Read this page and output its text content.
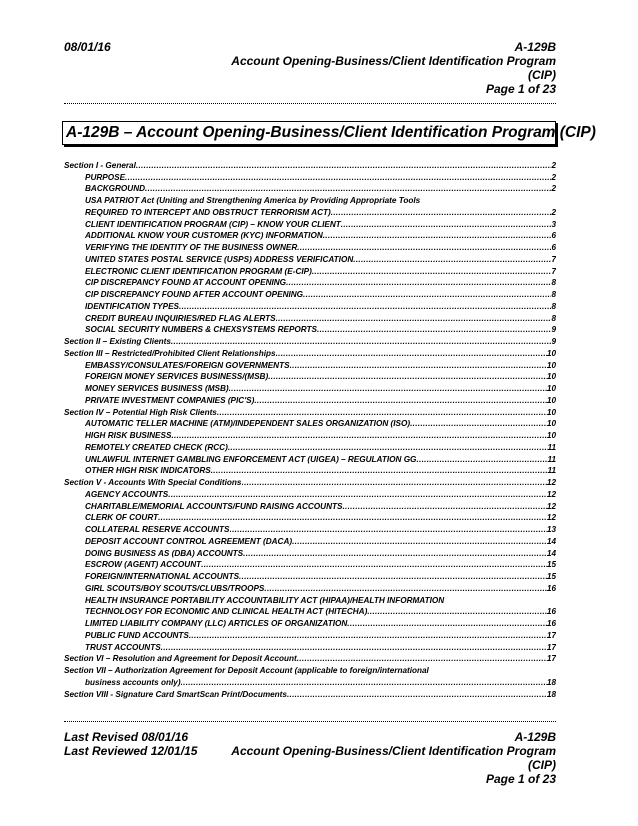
08/01/16	A-129B
Account Opening-Business/Client Identification Program
(CIP)
Page 1 of 23
A-129B – Account Opening-Business/Client Identification Program (CIP)
Section I - General .....	2
PURPOSE .....	2
BACKGROUND .....	2
USA PATRIOT Act (Uniting and Strengthening America by Providing Appropriate Tools
REQUIRED TO INTERCEPT AND OBSTRUCT TERRORISM ACT) .....	2
CLIENT IDENTIFICATION PROGRAM (CIP) – KNOW YOUR CLIENT .....	3
ADDITIONAL KNOW YOUR CUSTOMER (KYC) INFORMATION .....	6
VERIFYING THE IDENTITY OF THE BUSINESS OWNER .....	6
UNITED STATES POSTAL SERVICE (USPS) ADDRESS VERIFICATION .....	7
ELECTRONIC CLIENT IDENTIFICATION PROGRAM (E-CIP) .....	7
CIP DISCREPANCY FOUND AT ACCOUNT OPENING .....	8
CIP DISCREPANCY FOUND AFTER ACCOUNT OPENING .....	8
IDENTIFICATION TYPES .....	8
CREDIT BUREAU INQUIRIES/RED FLAG ALERTS .....	8
SOCIAL SECURITY NUMBERS & CHEXSYSTEMS REPORTS .....	9
Section II – Existing Clients .....	9
Section III – Restricted/Prohibited Client Relationships .....	10
EMBASSY/CONSULATES/FOREIGN GOVERNMENTS .....	10
FOREIGN MONEY SERVICES BUSINESS/(MSB) .....	10
MONEY SERVICES BUSINESS (MSB) .....	10
PRIVATE INVESTMENT COMPANIES (PIC'S) .....	10
Section IV – Potential High Risk Clients .....	10
AUTOMATIC TELLER MACHINE (ATM)/INDEPENDENT SALES ORGANIZATION (ISO) .....	10
HIGH RISK BUSINESS .....	10
REMOTELY CREATED CHECK (RCC) .....	11
UNLAWFUL INTERNET GAMBLING ENFORCEMENT ACT (UIGEA) – REGULATION GG .....	11
OTHER HIGH RISK INDICATORS .....	11
Section V - Accounts With Special Conditions .....	12
AGENCY ACCOUNTS .....	12
CHARITABLE/MEMORIAL ACCOUNTS/FUND RAISING ACCOUNTS .....	12
CLERK OF COURT .....	12
COLLATERAL RESERVE ACCOUNTS .....	13
DEPOSIT ACCOUNT CONTROL AGREEMENT (DACA) .....	14
DOING BUSINESS AS (DBA) ACCOUNTS .....	14
ESCROW (AGENT) ACCOUNT .....	15
FOREIGN/INTERNATIONAL ACCOUNTS .....	15
GIRL SCOUTS/BOY SCOUTS/CLUBS/TROOPS .....	16
HEALTH INSURANCE PORTABILITY ACCOUNTABILITY ACT (HIPAA)/HEALTH INFORMATION
TECHNOLOGY FOR ECONOMIC AND CLINICAL HEALTH ACT (HITECHA) .....	16
LIMITED LIABILITY COMPANY (LLC) ARTICLES OF ORGANIZATION .....	16
PUBLIC FUND ACCOUNTS .....	17
TRUST ACCOUNTS .....	17
Section VI – Resolution and Agreement for Deposit Account .....	17
Section VII – Authorization Agreement for Deposit Account (applicable to foreign/international
business accounts only) .....	18
Section VIII - Signature Card SmartScan Print/Documents .....	18
Last Revised 08/01/16	A-129B
Last Reviewed 12/01/15	Account Opening-Business/Client Identification Program
(CIP)
Page 1 of 23
